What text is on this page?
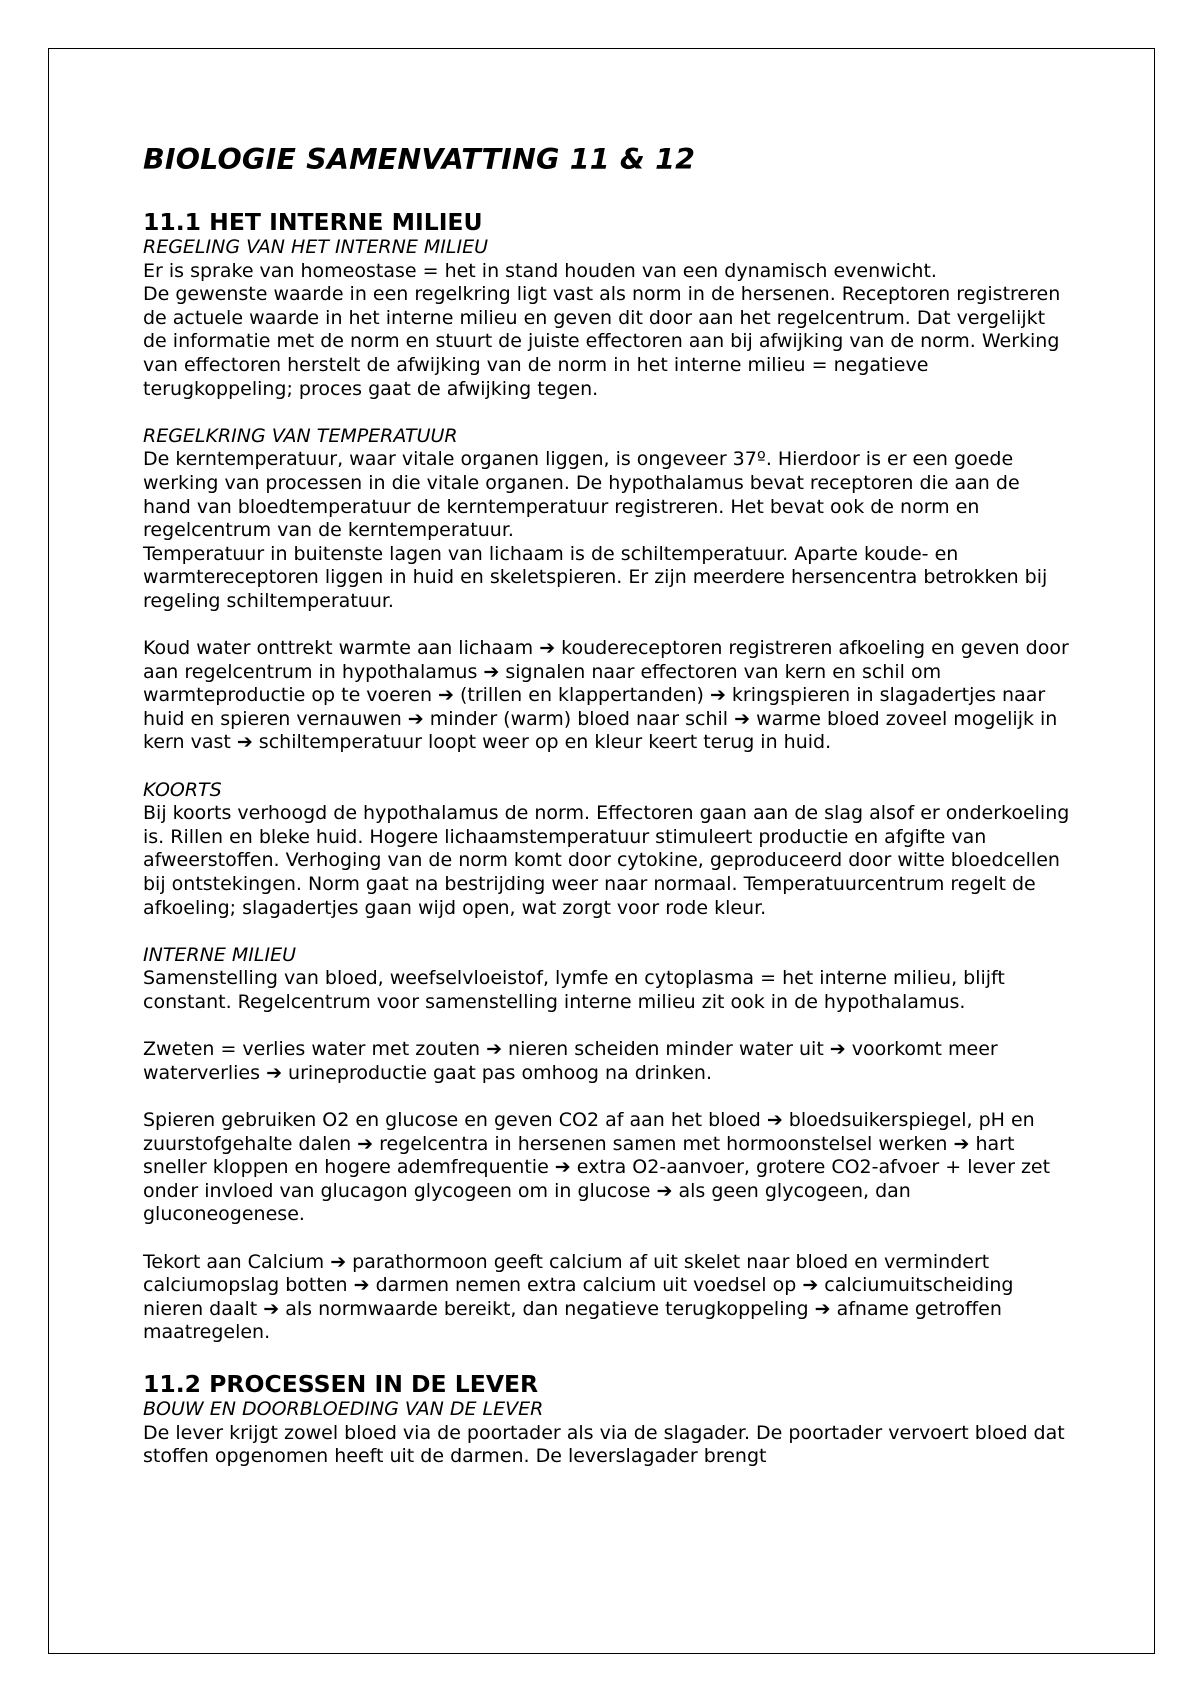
BIOLOGIE SAMENVATTING 11 & 12
11.1 HET INTERNE MILIEU

REGELING VAN HET INTERNE MILIEU

Er is sprake van homeostase = het in stand houden van een dynamisch evenwicht.

De gewenste waarde in een regelkring ligt vast als norm in de hersenen. Receptoren registreren de actuele waarde in het interne milieu en geven dit door aan het regelcentrum. Dat vergelijkt de informatie met de norm en stuurt de juiste effectoren aan bij afwijking van de norm. Werking van effectoren herstelt de afwijking van de norm in het interne milieu = negatieve terugkoppeling; proces gaat de afwijking tegen.

REGELKRING VAN TEMPERATUUR

De kerntemperatuur, waar vitale organen liggen, is ongeveer 37º. Hierdoor is er een goede werking van processen in die vitale organen. De hypothalamus bevat receptoren die aan de hand van bloedtemperatuur de kerntemperatuur registreren. Het bevat ook de norm en regelcentrum van de kerntemperatuur.

Temperatuur in buitenste lagen van lichaam is de schiltemperatuur. Aparte koude- en warmtereceptoren liggen in huid en skeletspieren. Er zijn meerdere hersencentra betrokken bij regeling schiltemperatuur.

Koud water onttrekt warmte aan lichaam ➔ koudereceptoren registreren afkoeling en geven door aan regelcentrum in hypothalamus ➔ signalen naar effectoren van kern en schil om warmteproductie op te voeren ➔ (trillen en klappertanden) ➔ kringspieren in slagadertjes naar huid en spieren vernauwen ➔ minder (warm) bloed naar schil ➔ warme bloed zoveel mogelijk in kern vast ➔ schiltemperatuur loopt weer op en kleur keert terug in huid.

KOORTS

Bij koorts verhoogd de hypothalamus de norm. Effectoren gaan aan de slag alsof er onderkoeling is. Rillen en bleke huid. Hogere lichaamstemperatuur stimuleert productie en afgifte van afweerstoffen. Verhoging van de norm komt door cytokine, geproduceerd door witte bloedcellen bij ontstekingen. Norm gaat na bestrijding weer naar normaal. Temperatuurcentrum regelt de afkoeling; slagadertjes gaan wijd open, wat zorgt voor rode kleur.

INTERNE MILIEU

Samenstelling van bloed, weefselvloeistof, lymfe en cytoplasma = het interne milieu, blijft constant. Regelcentrum voor samenstelling interne milieu zit ook in de hypothalamus.

Zweten = verlies water met zouten ➔ nieren scheiden minder water uit ➔ voorkomt meer waterverlies ➔ urineproductie gaat pas omhoog na drinken.

Spieren gebruiken O2 en glucose en geven CO2 af aan het bloed ➔ bloedsuikerspiegel, pH en zuurstofgehalte dalen ➔ regelcentra in hersenen samen met hormoonstelsel werken ➔ hart sneller kloppen en hogere ademfrequentie ➔ extra O2-aanvoer, grotere CO2-afvoer + lever zet onder invloed van glucagon glycogeen om in glucose ➔ als geen glycogeen, dan gluconeogenese.

Tekort aan Calcium ➔ parathormoon geeft calcium af uit skelet naar bloed en vermindert calciumopslag botten ➔ darmen nemen extra calcium uit voedsel op ➔ calciumuitscheiding nieren daalt ➔ als normwaarde bereikt, dan negatieve terugkoppeling ➔ afname getroffen maatregelen.

11.2 PROCESSEN IN DE LEVER

BOUW EN DOORBLOEDING VAN DE LEVER

De lever krijgt zowel bloed via de poortader als via de slagader. De poortader vervoert bloed dat stoffen opgenomen heeft uit de darmen. De leverslagader brengt
